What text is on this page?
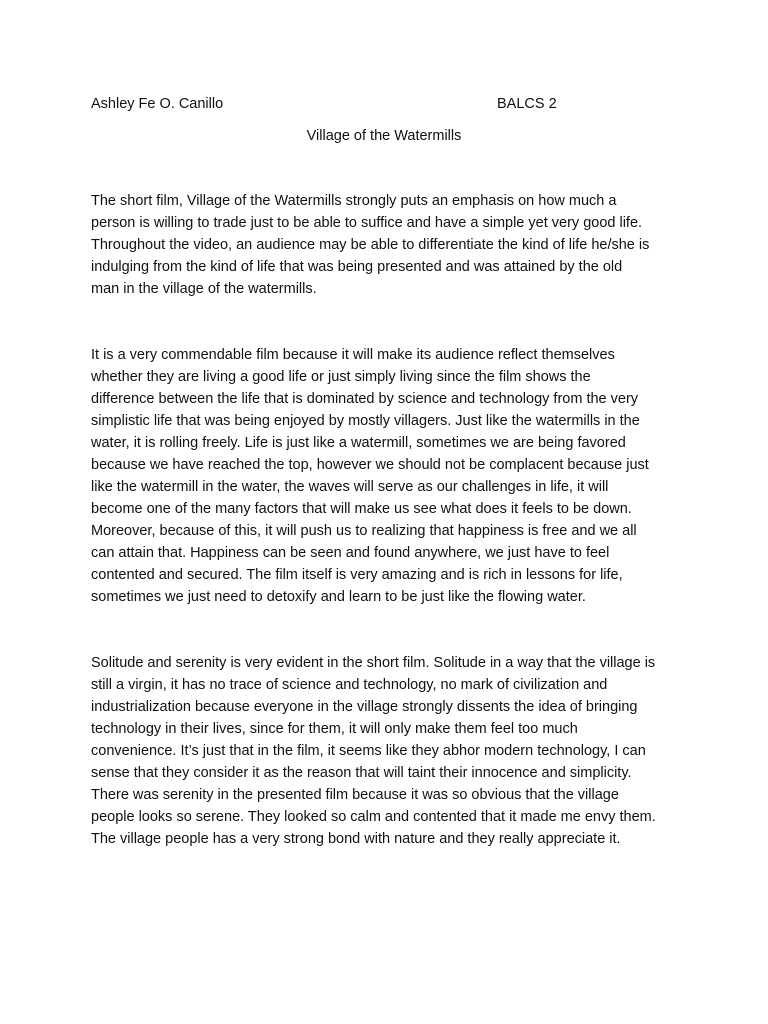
Ashley Fe O. Canillo	BALCS 2
Village of the Watermills
The short film, Village of the Watermills strongly puts an emphasis on how much a
person is willing to trade just to be able to suffice and have a simple yet very good life.
Throughout the video, an audience may be able to differentiate the kind of life he/she is
indulging from the kind of life that was being presented and was attained by the old
man in the village of the watermills.
It is a very commendable film because it will make its audience reflect themselves
whether they are living a good life or just simply living since the film shows the
difference between the life that is dominated by science and technology from the very
simplistic life that was being enjoyed by mostly villagers. Just like the watermills in the
water, it is rolling freely. Life is just like a watermill, sometimes we are being favored
because we have reached the top, however we should not be complacent because just
like the watermill in the water, the waves will serve as our challenges in life, it will
become one of the many factors that will make us see what does it feels to be down.
Moreover, because of this, it will push us to realizing that happiness is free and we all
can attain that. Happiness can be seen and found anywhere, we just have to feel
contented and secured. The film itself is very amazing and is rich in lessons for life,
sometimes we just need to detoxify and learn to be just like the flowing water.
Solitude and serenity is very evident in the short film. Solitude in a way that the village is
still a virgin, it has no trace of science and technology, no mark of civilization and
industrialization because everyone in the village strongly dissents the idea of bringing
technology in their lives, since for them, it will only make them feel too much
convenience. It’s just that in the film, it seems like they abhor modern technology, I can
sense that they consider it as the reason that will taint their innocence and simplicity.
There was serenity in the presented film because it was so obvious that the village
people looks so serene. They looked so calm and contented that it made me envy them.
The village people has a very strong bond with nature and they really appreciate it.
